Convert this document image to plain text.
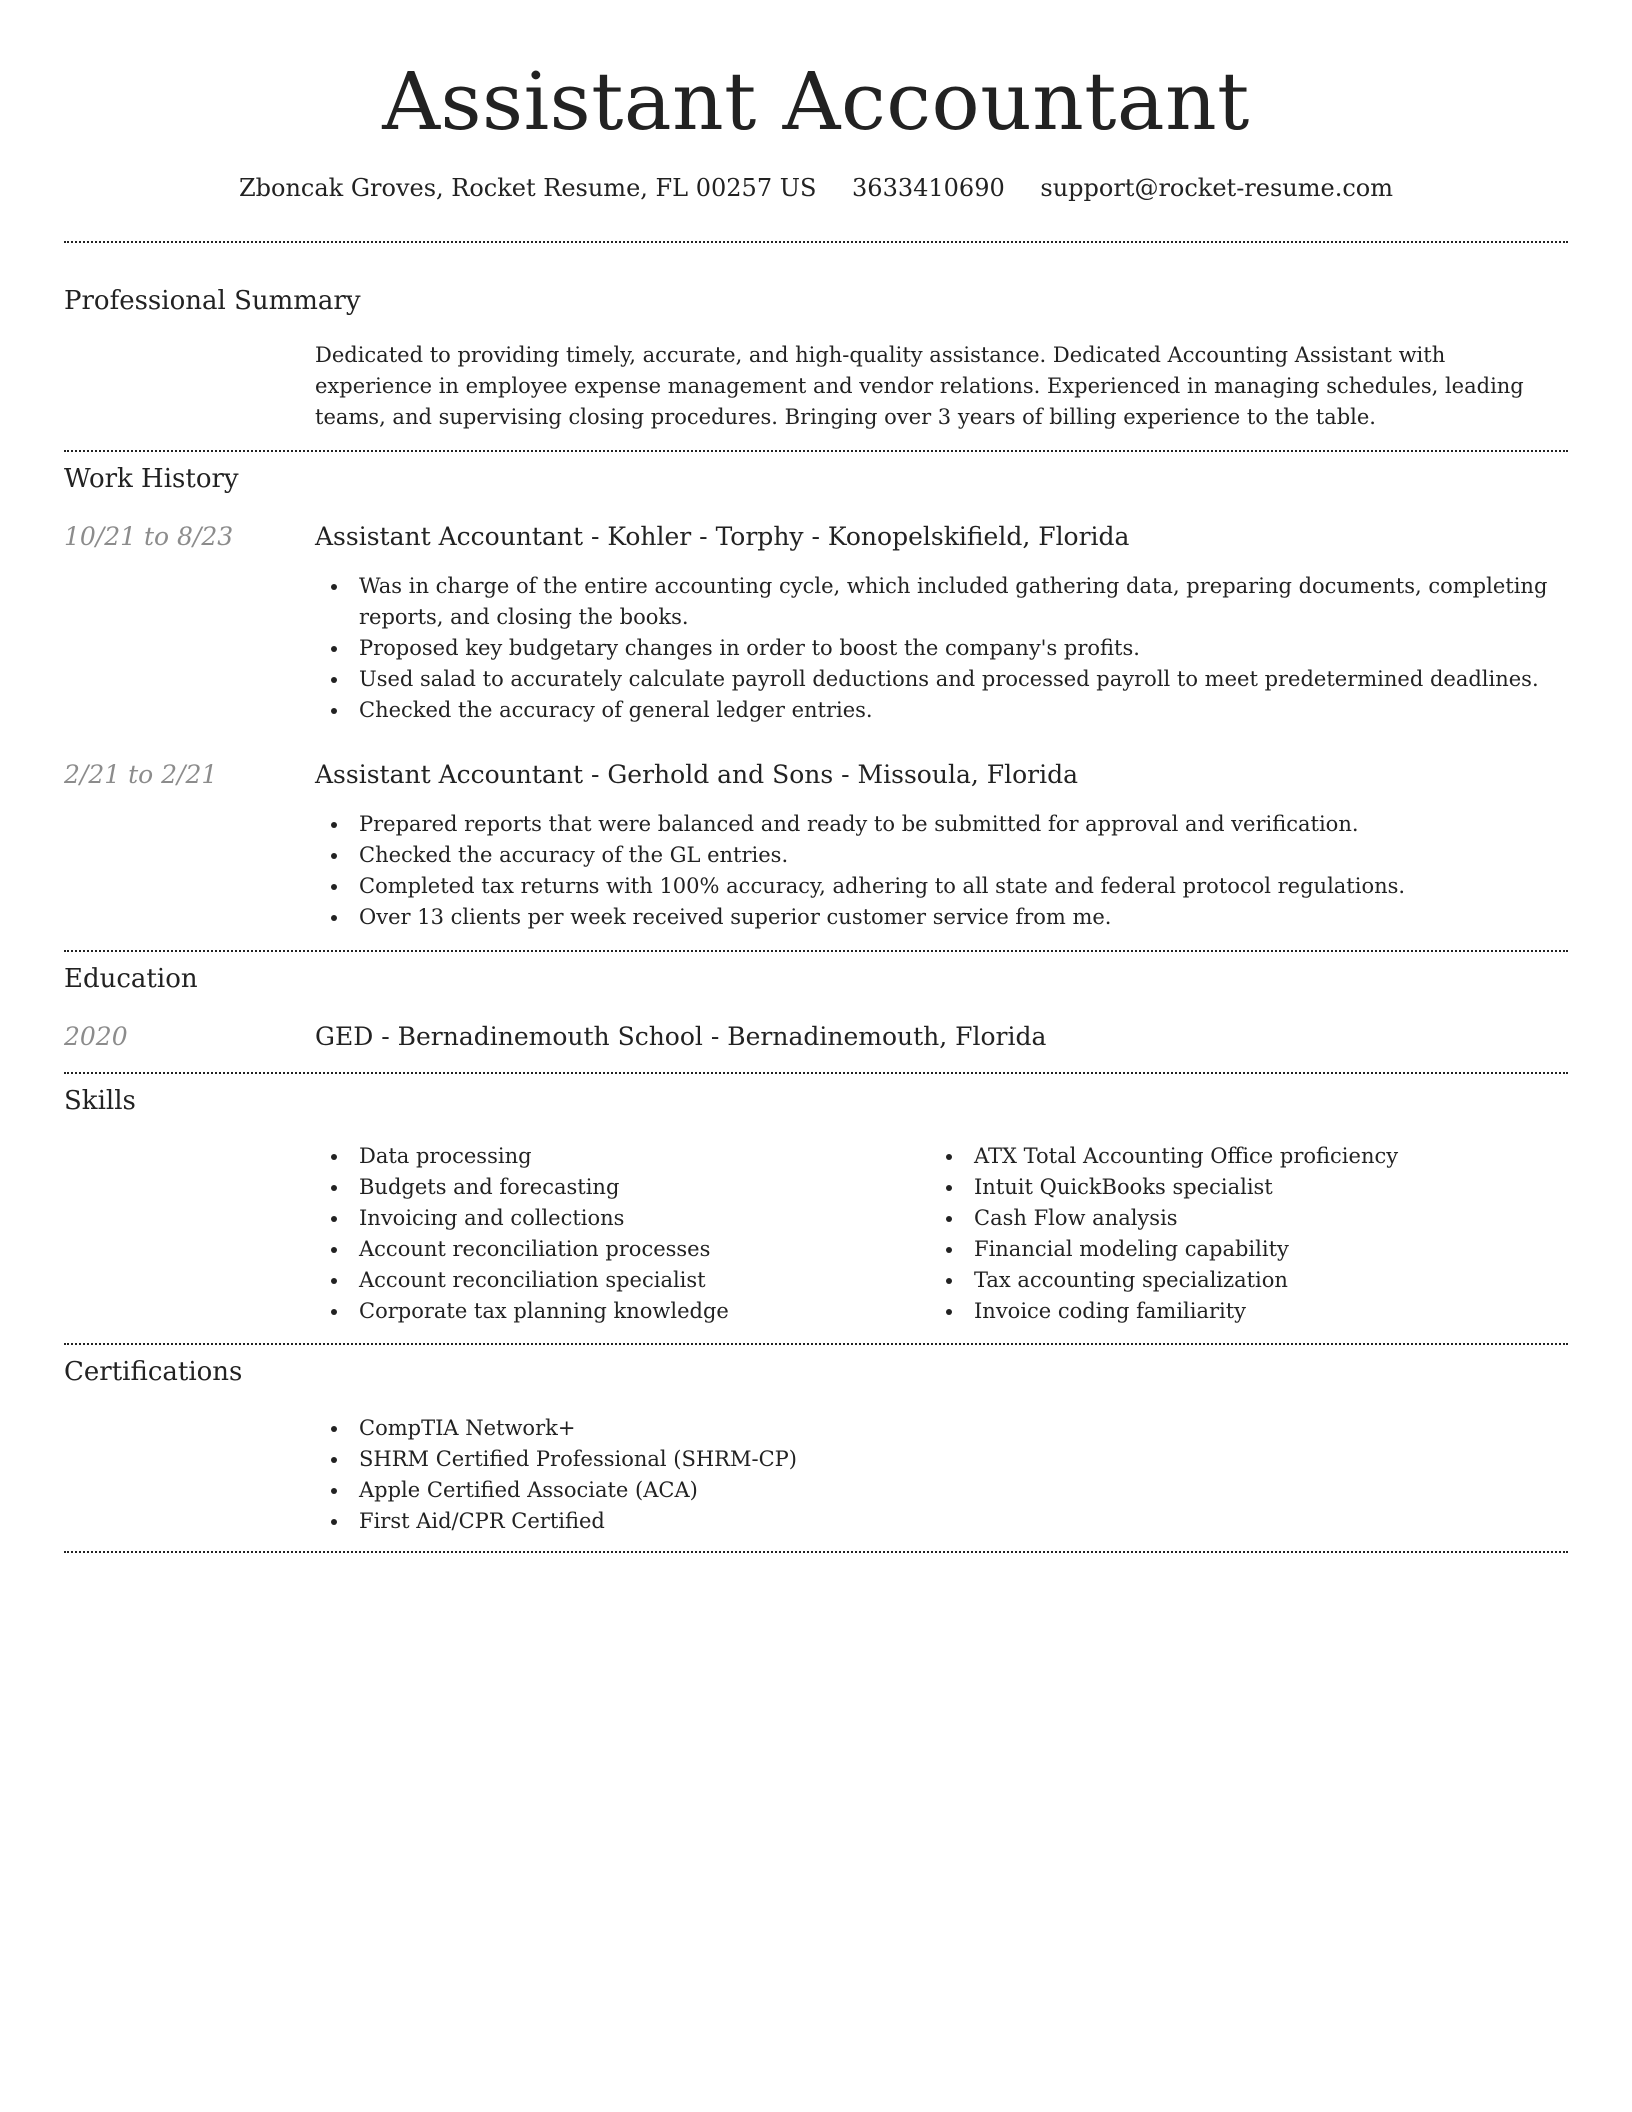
Assistant Accountant
Zboncak Groves, Rocket Resume, FL 00257 US 3633410690 support@rocket-resume.com
Professional Summary

Dedicated to providing timely, accurate, and high-quality assistance. Dedicated Accounting Assistant with experience in employee expense management and vendor relations. Experienced in managing schedules, leading teams, and supervising closing procedures. Bringing over 3 years of billing experience to the table.

Work History
10/21 to 8/23	Assistant Accountant - Kohler - Torphy - Konopelskifield, Florida
Was in charge of the entire accounting cycle, which included gathering data, preparing documents, completing reports, and closing the books.
Proposed key budgetary changes in order to boost the company's profits.
Used salad to accurately calculate payroll deductions and processed payroll to meet predetermined deadlines.
Checked the accuracy of general ledger entries.
2/21 to 2/21	Assistant Accountant - Gerhold and Sons - Missoula, Florida
Prepared reports that were balanced and ready to be submitted for approval and verification.
Checked the accuracy of the GL entries.
Completed tax returns with 100% accuracy, adhering to all state and federal protocol regulations.
Over 13 clients per week received superior customer service from me.
Education
2020	GED - Bernadinemouth School - Bernadinemouth, Florida
Skills
Data processing
Budgets and forecasting
Invoicing and collections
Account reconciliation processes
Account reconciliation specialist
Corporate tax planning knowledge
ATX Total Accounting Office proficiency
Intuit QuickBooks specialist
Cash Flow analysis
Financial modeling capability
Tax accounting specialization
Invoice coding familiarity
Certifications
CompTIA Network+
SHRM Certified Professional (SHRM-CP)
Apple Certified Associate (ACA)
First Aid/CPR Certified
